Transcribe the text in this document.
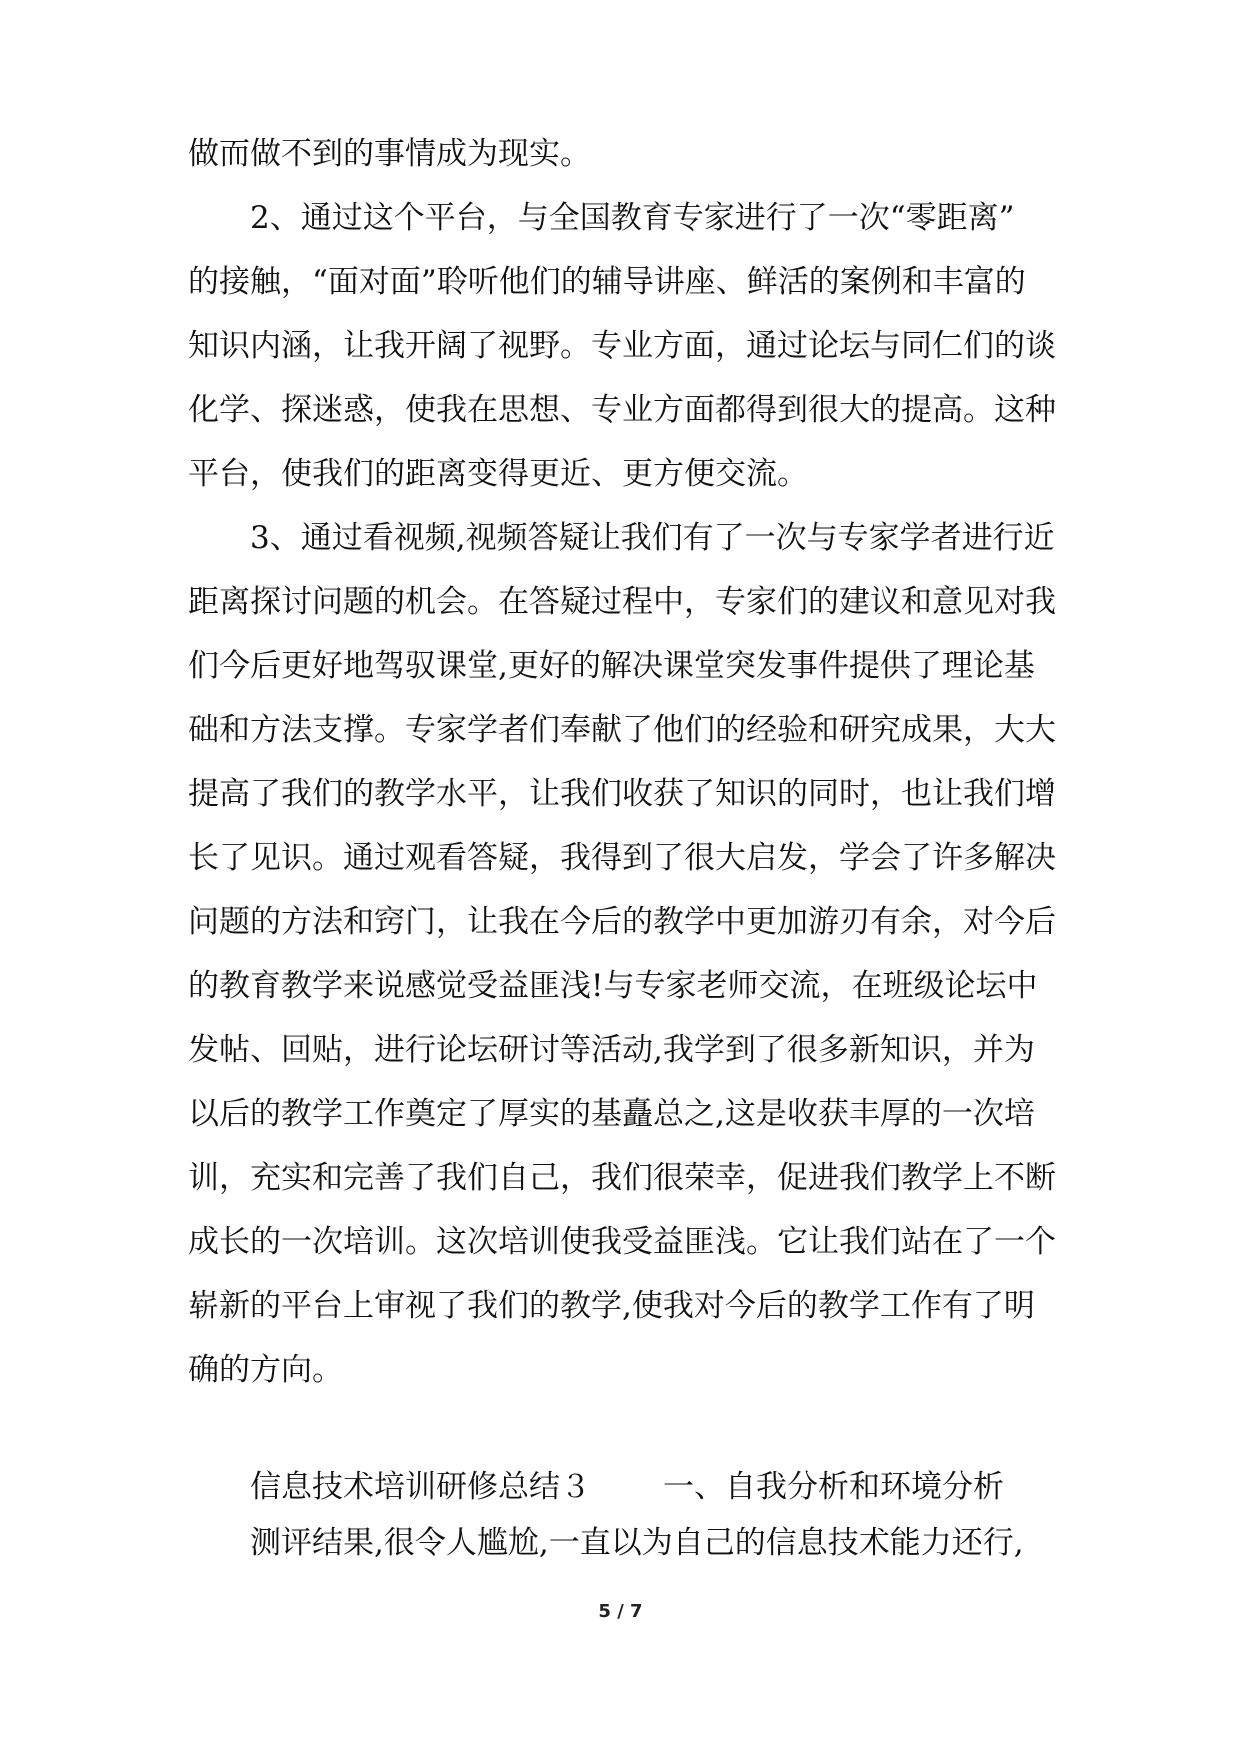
做而做不到的事情成为现实。
2、通过这个平台，与全国教育专家进行了一次“零距离”
的接触，“面对面”聆听他们的辅导讲座、鲜活的案例和丰富的
知识内涵，让我开阔了视野。专业方面，通过论坛与同仁们的谈
化学、探迷惑，使我在思想、专业方面都得到很大的提高。这种
平台，使我们的距离变得更近、更方便交流。
3、通过看视频,视频答疑让我们有了一次与专家学者进行近
距离探讨问题的机会。在答疑过程中，专家们的建议和意见对我
们今后更好地驾驭课堂,更好的解决课堂突发事件提供了理论基
础和方法支撑。专家学者们奉献了他们的经验和研究成果，大大
提高了我们的教学水平，让我们收获了知识的同时，也让我们增
长了见识。通过观看答疑，我得到了很大启发，学会了许多解决
问题的方法和窍门，让我在今后的教学中更加游刃有余，对今后
的教育教学来说感觉受益匪浅!与专家老师交流，在班级论坛中
发帖、回贴，进行论坛研讨等活动,我学到了很多新知识，并为
以后的教学工作奠定了厚实的基矗总之,这是收获丰厚的一次培
训，充实和完善了我们自己，我们很荣幸，促进我们教学上不断
成长的一次培训。这次培训使我受益匪浅。它让我们站在了一个
崭新的平台上审视了我们的教学,使我对今后的教学工作有了明
确的方向。
信息技术培训研修总结３ 一、自我分析和环境分析
测评结果,很令人尴尬,一直以为自己的信息技术能力还行,
5 / 7
